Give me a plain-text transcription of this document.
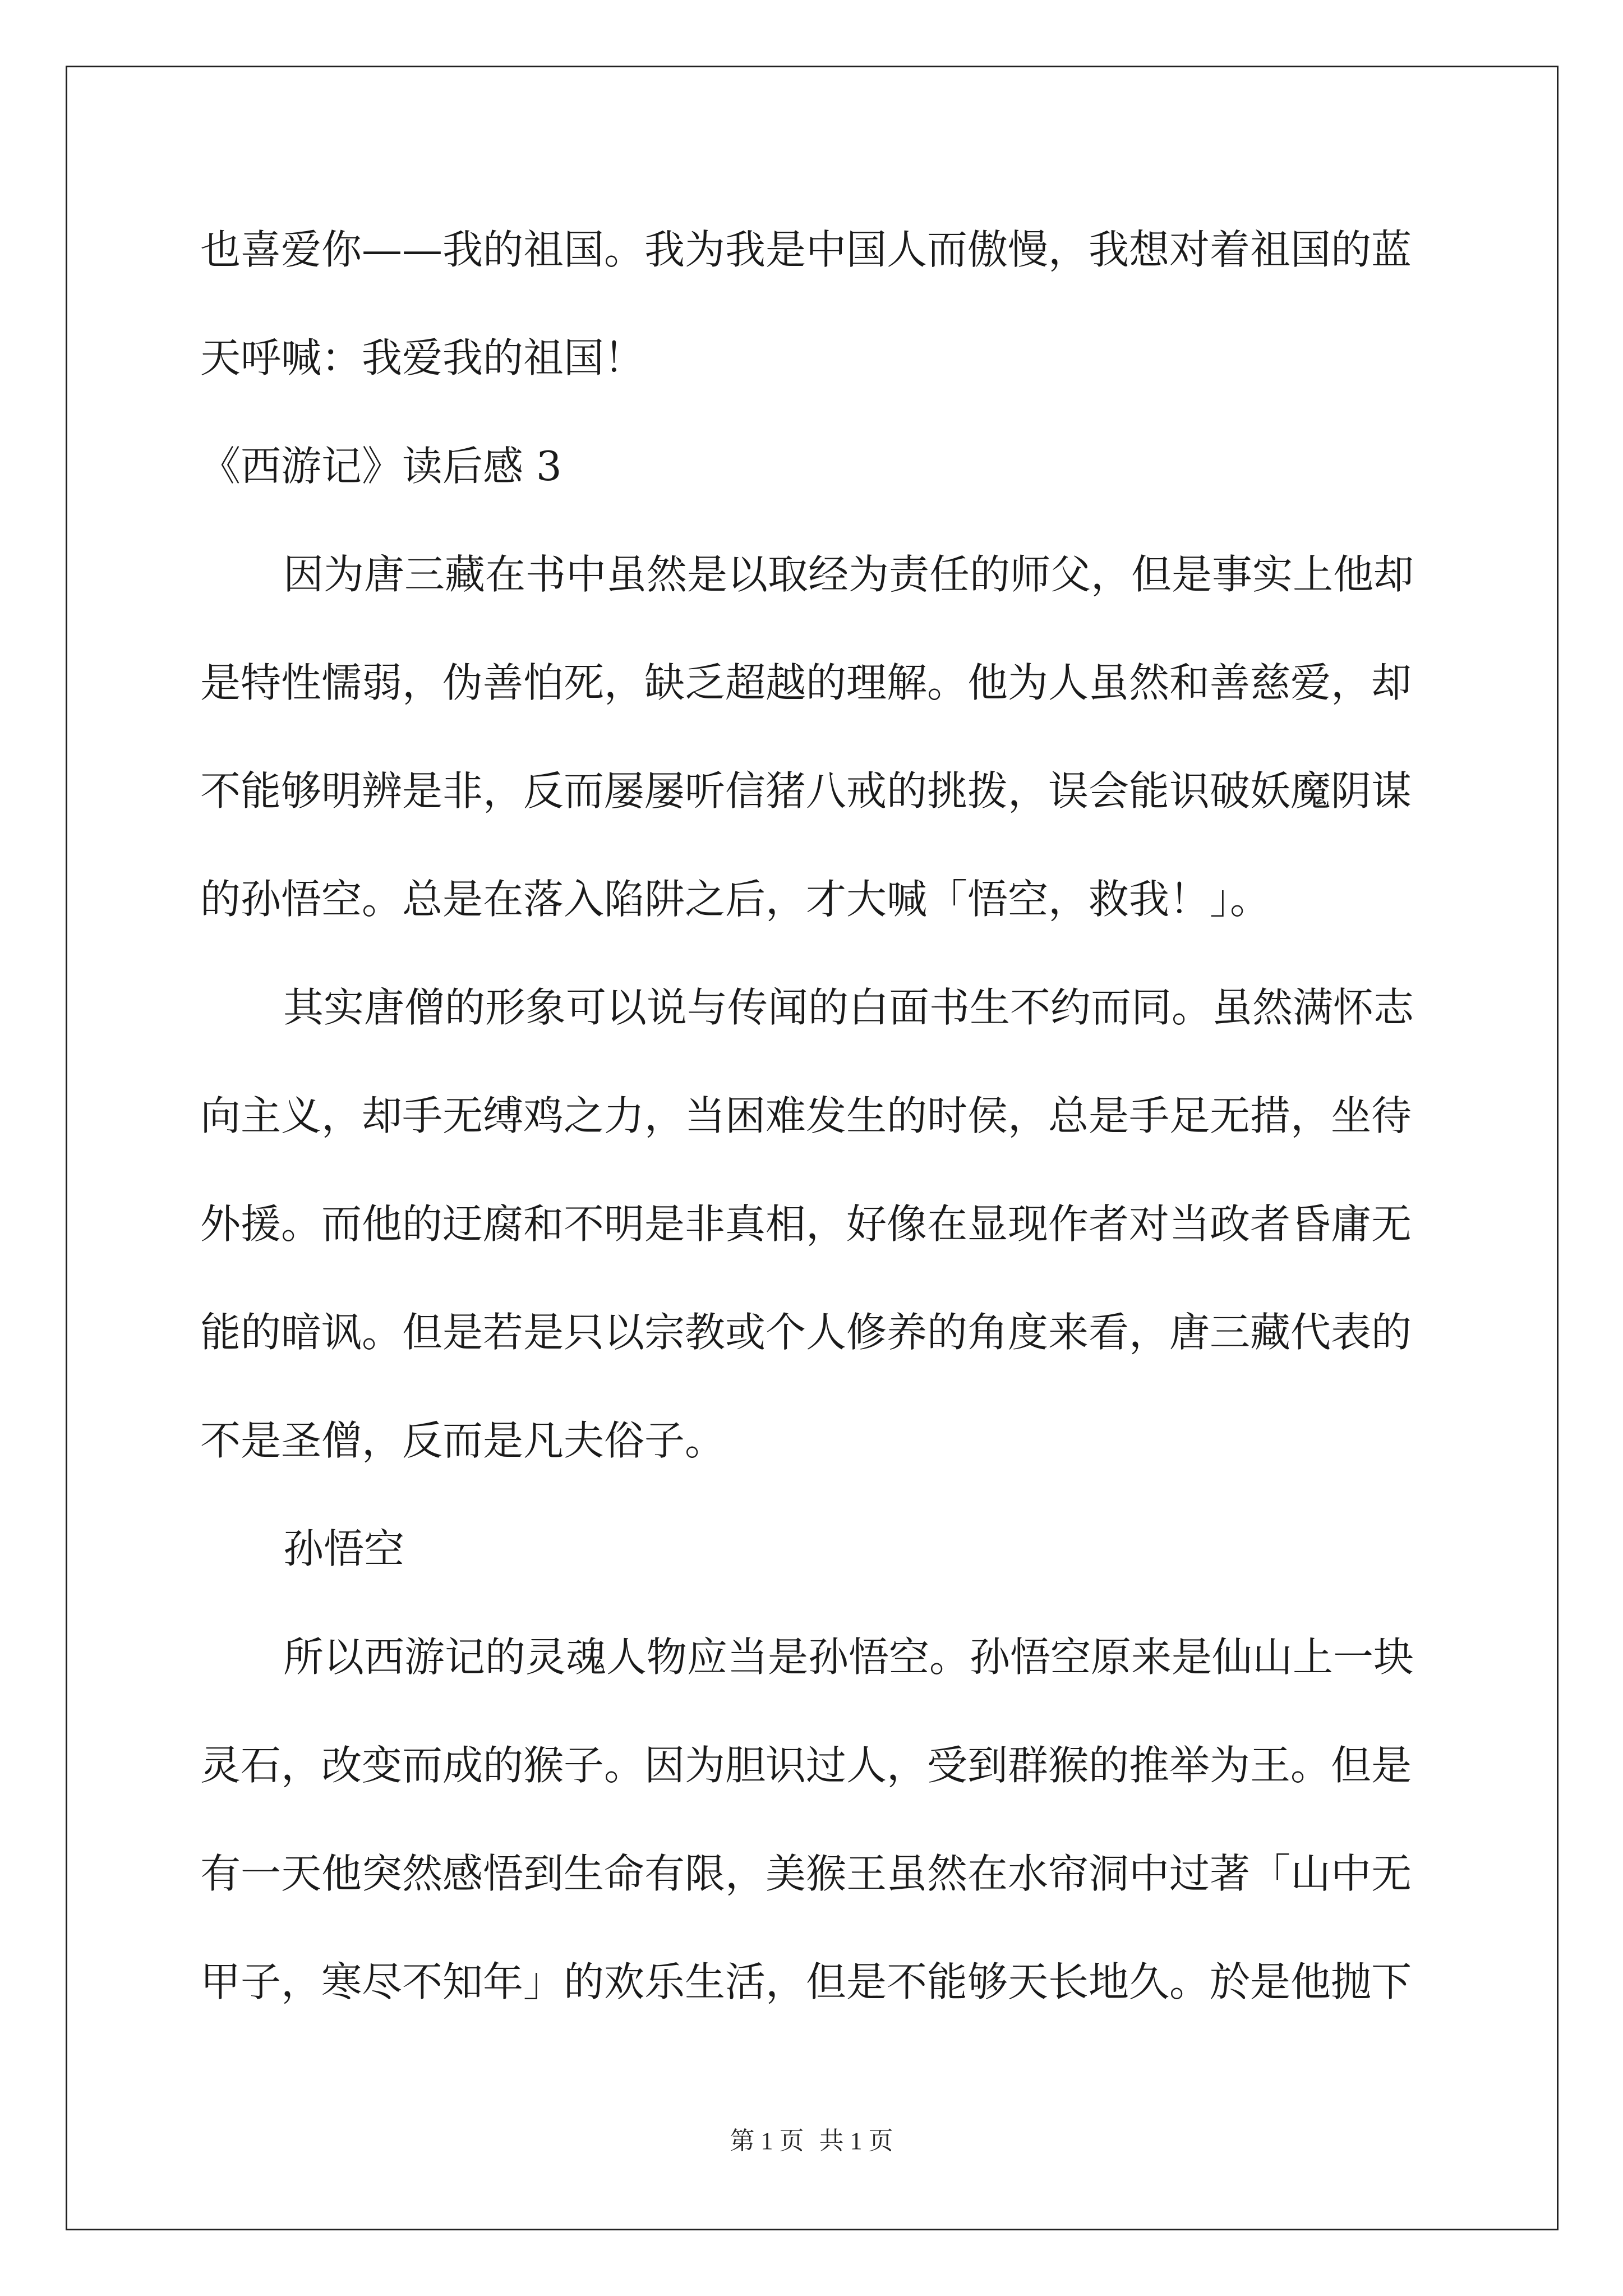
也喜爱你——我的祖国。我为我是中国人而傲慢，我想对着祖国的蓝
天呼喊：我爱我的祖国！
《西游记》读后感 3
因为唐三藏在书中虽然是以取经为责任的师父，但是事实上他却
是特性懦弱，伪善怕死，缺乏超越的理解。他为人虽然和善慈爱，却
不能够明辨是非，反而屡屡听信猪八戒的挑拨，误会能识破妖魔阴谋
的孙悟空。总是在落入陷阱之后，才大喊「悟空，救我！」。
其实唐僧的形象可以说与传闻的白面书生不约而同。虽然满怀志
向主义，却手无缚鸡之力，当困难发生的时侯，总是手足无措，坐待
外援。而他的迂腐和不明是非真相，好像在显现作者对当政者昏庸无
能的暗讽。但是若是只以宗教或个人修养的角度来看，唐三藏代表的
不是圣僧，反而是凡夫俗子。
孙悟空
所以西游记的灵魂人物应当是孙悟空。孙悟空原来是仙山上一块
灵石，改变而成的猴子。因为胆识过人，受到群猴的推举为王。但是
有一天他突然感悟到生命有限，美猴王虽然在水帘洞中过著「山中无
甲子，寒尽不知年」的欢乐生活，但是不能够天长地久。於是他抛下
第 1 页 共 1 页
